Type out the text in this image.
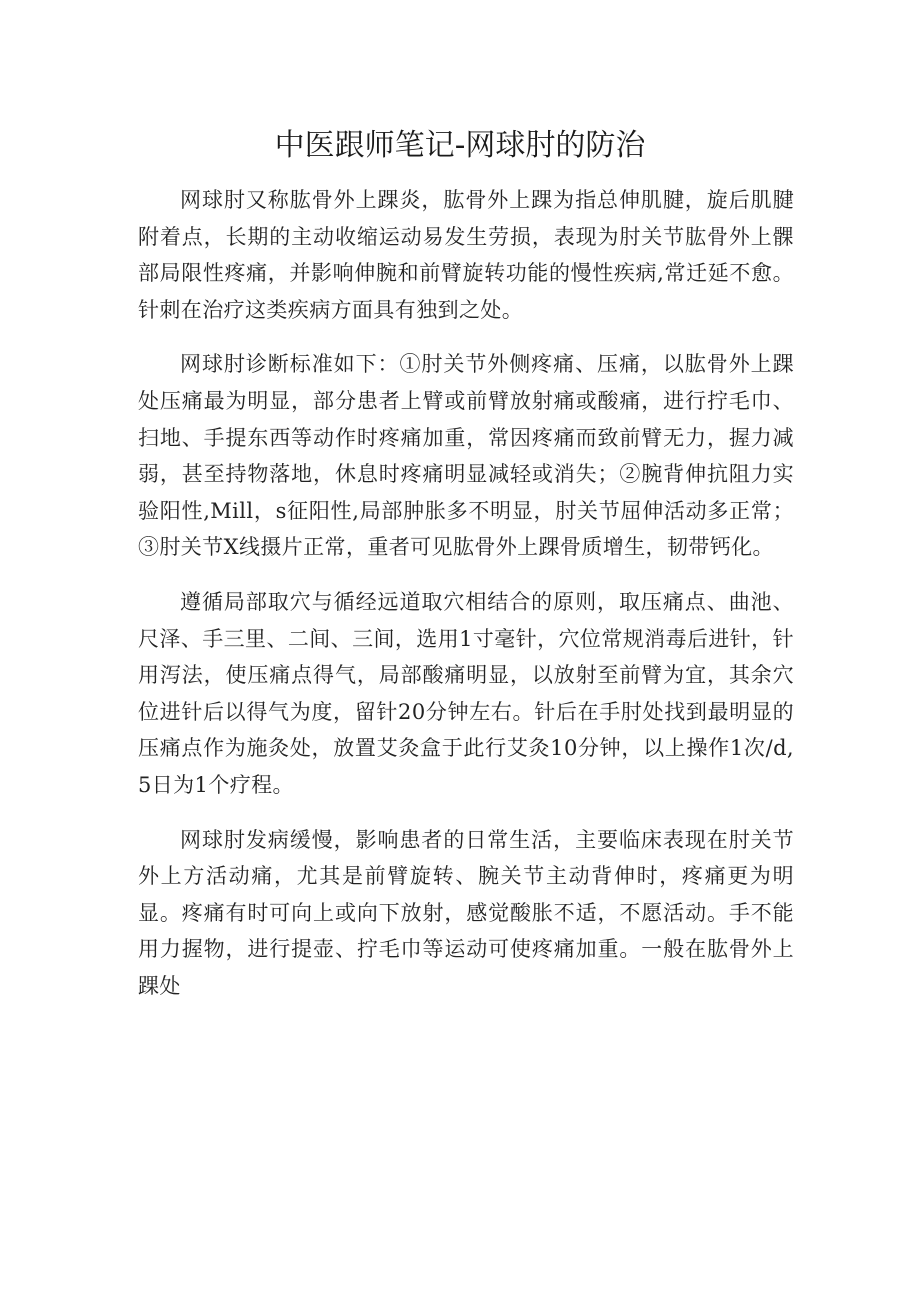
中医跟师笔记-网球肘的防治

网球肘又称肱骨外上踝炎，肱骨外上踝为指总伸肌腱，旋后肌腱附着点，长期的主动收缩运动易发生劳损，表现为肘关节肱骨外上髁部局限性疼痛，并影响伸腕和前臂旋转功能的慢性疾病,常迁延不愈。针刺在治疗这类疾病方面具有独到之处。

网球肘诊断标准如下：①肘关节外侧疼痛、压痛，以肱骨外上踝处压痛最为明显，部分患者上臂或前臂放射痛或酸痛，进行拧毛巾、扫地、手提东西等动作时疼痛加重，常因疼痛而致前臂无力，握力减弱，甚至持物落地，休息时疼痛明显减轻或消失；②腕背伸抗阻力实验阳性,Mill，s征阳性,局部肿胀多不明显，肘关节屈伸活动多正常；③肘关节X线摄片正常，重者可见肱骨外上踝骨质增生，韧带钙化。

遵循局部取穴与循经远道取穴相结合的原则，取压痛点、曲池、尺泽、手三里、二间、三间，选用1寸毫针，穴位常规消毒后进针，针用泻法，使压痛点得气，局部酸痛明显，以放射至前臂为宜，其余穴位进针后以得气为度，留针20分钟左右。针后在手肘处找到最明显的压痛点作为施灸处，放置艾灸盒于此行艾灸10分钟，以上操作1次/d,5日为1个疗程。

网球肘发病缓慢，影响患者的日常生活，主要临床表现在肘关节外上方活动痛，尤其是前臂旋转、腕关节主动背伸时，疼痛更为明显。疼痛有时可向上或向下放射，感觉酸胀不适，不愿活动。手不能用力握物，进行提壶、拧毛巾等运动可使疼痛加重。一般在肱骨外上踝处
